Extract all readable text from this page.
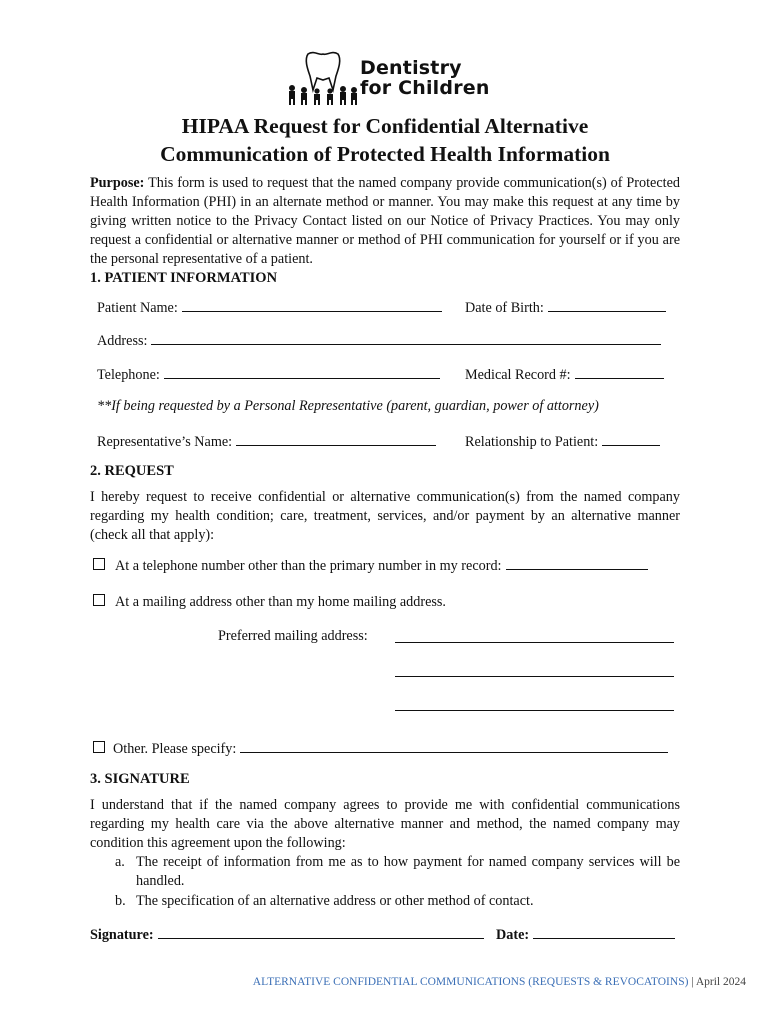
Dentistry
for Children
HIPAA Request for Confidential Alternative
Communication of Protected Health Information
Purpose: This form is used to request that the named company provide communication(s) of Protected Health Information (PHI) in an alternate method or manner. You may make this request at any time by giving written notice to the Privacy Contact listed on our Notice of Privacy Practices. You may only request a confidential or alternative manner or method of PHI communication for yourself or if you are the personal representative of a patient.
1. PATIENT INFORMATION
Patient Name:	Date of Birth:
Address:
Telephone:	Medical Record #:
**If being requested by a Personal Representative (parent, guardian, power of attorney)
Representative’s Name:	Relationship to Patient:
2. REQUEST
I hereby request to receive confidential or alternative communication(s) from the named company regarding my health condition; care, treatment, services, and/or payment by an alternative manner (check all that apply):
At a telephone number other than the primary number in my record:
At a mailing address other than my home mailing address.
Preferred mailing address:
Other. Please specify:
3. SIGNATURE
I understand that if the named company agrees to provide me with confidential communications regarding my health care via the above alternative manner and method, the named company may condition this agreement upon the following:
a. The receipt of information from me as to how payment for named company services will be handled.
b. The specification of an alternative address or other method of contact.
Signature:	Date:
ALTERNATIVE CONFIDENTIAL COMMUNICATIONS (REQUESTS & REVOCATOINS) | April 2024
